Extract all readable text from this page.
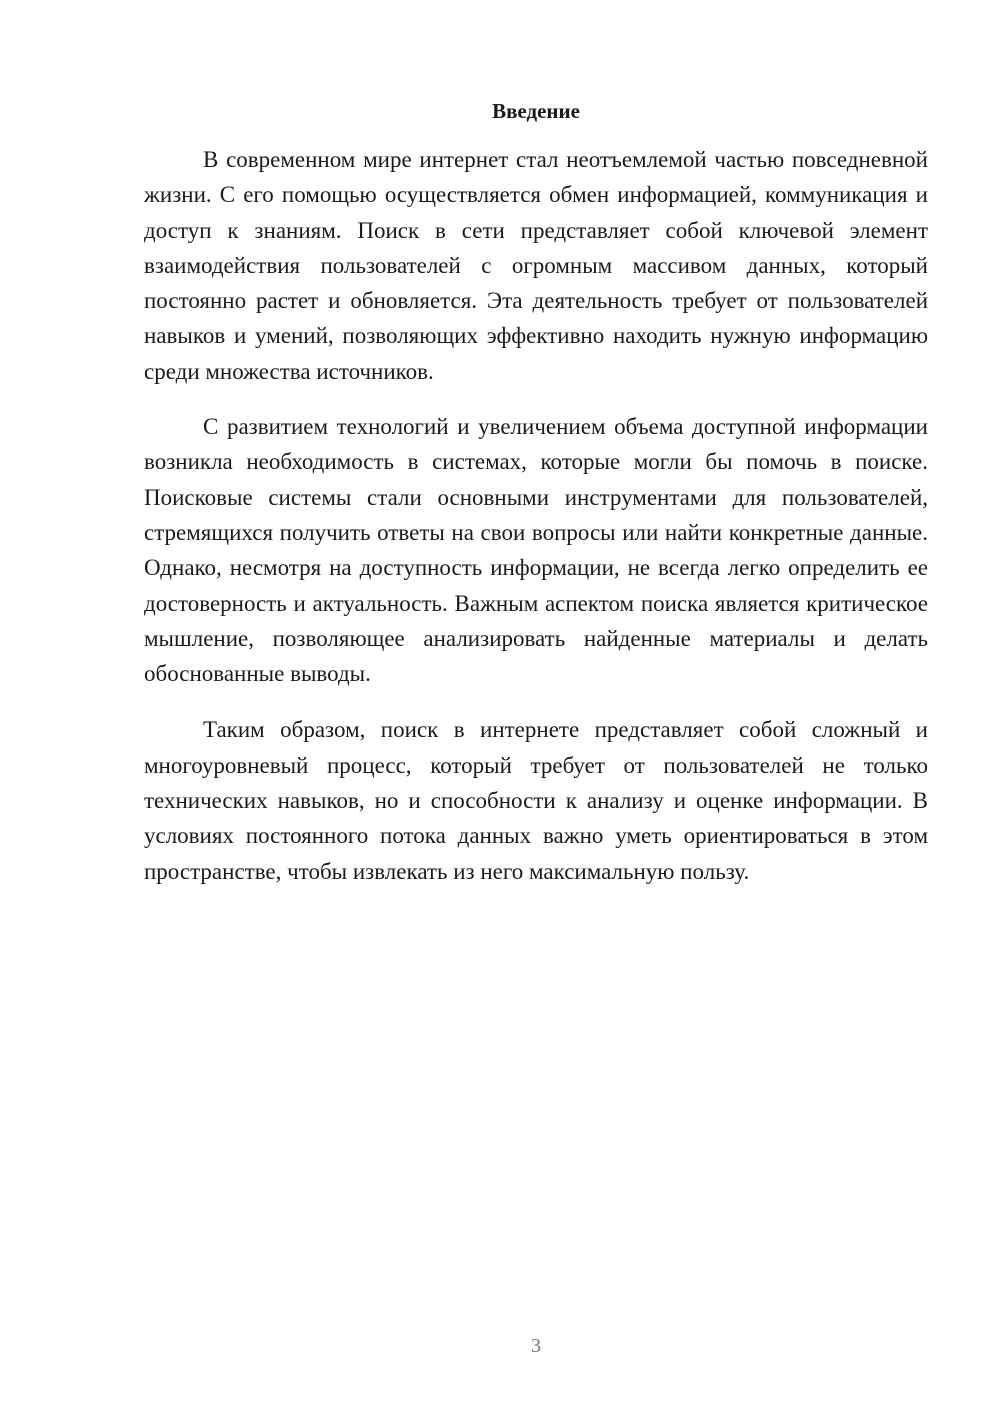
Введение

В современном мире интернет стал неотъемлемой частью повседневной жизни. С его помощью осуществляется обмен информацией, коммуникация и доступ к знаниям. Поиск в сети представляет собой ключевой элемент взаимодействия пользователей с огромным массивом данных, который постоянно растет и обновляется. Эта деятельность требует от пользователей навыков и умений, позволяющих эффективно находить нужную информацию среди множества источников.

С развитием технологий и увеличением объема доступной информации возникла необходимость в системах, которые могли бы помочь в поиске. Поисковые системы стали основными инструментами для пользователей, стремящихся получить ответы на свои вопросы или найти конкретные данные. Однако, несмотря на доступность информации, не всегда легко определить ее достоверность и актуальность. Важным аспектом поиска является критическое мышление, позволяющее анализировать найденные материалы и делать обоснованные выводы.

Таким образом, поиск в интернете представляет собой сложный и многоуровневый процесс, который требует от пользователей не только технических навыков, но и способности к анализу и оценке информации. В условиях постоянного потока данных важно уметь ориентироваться в этом пространстве, чтобы извлекать из него максимальную пользу.

3
